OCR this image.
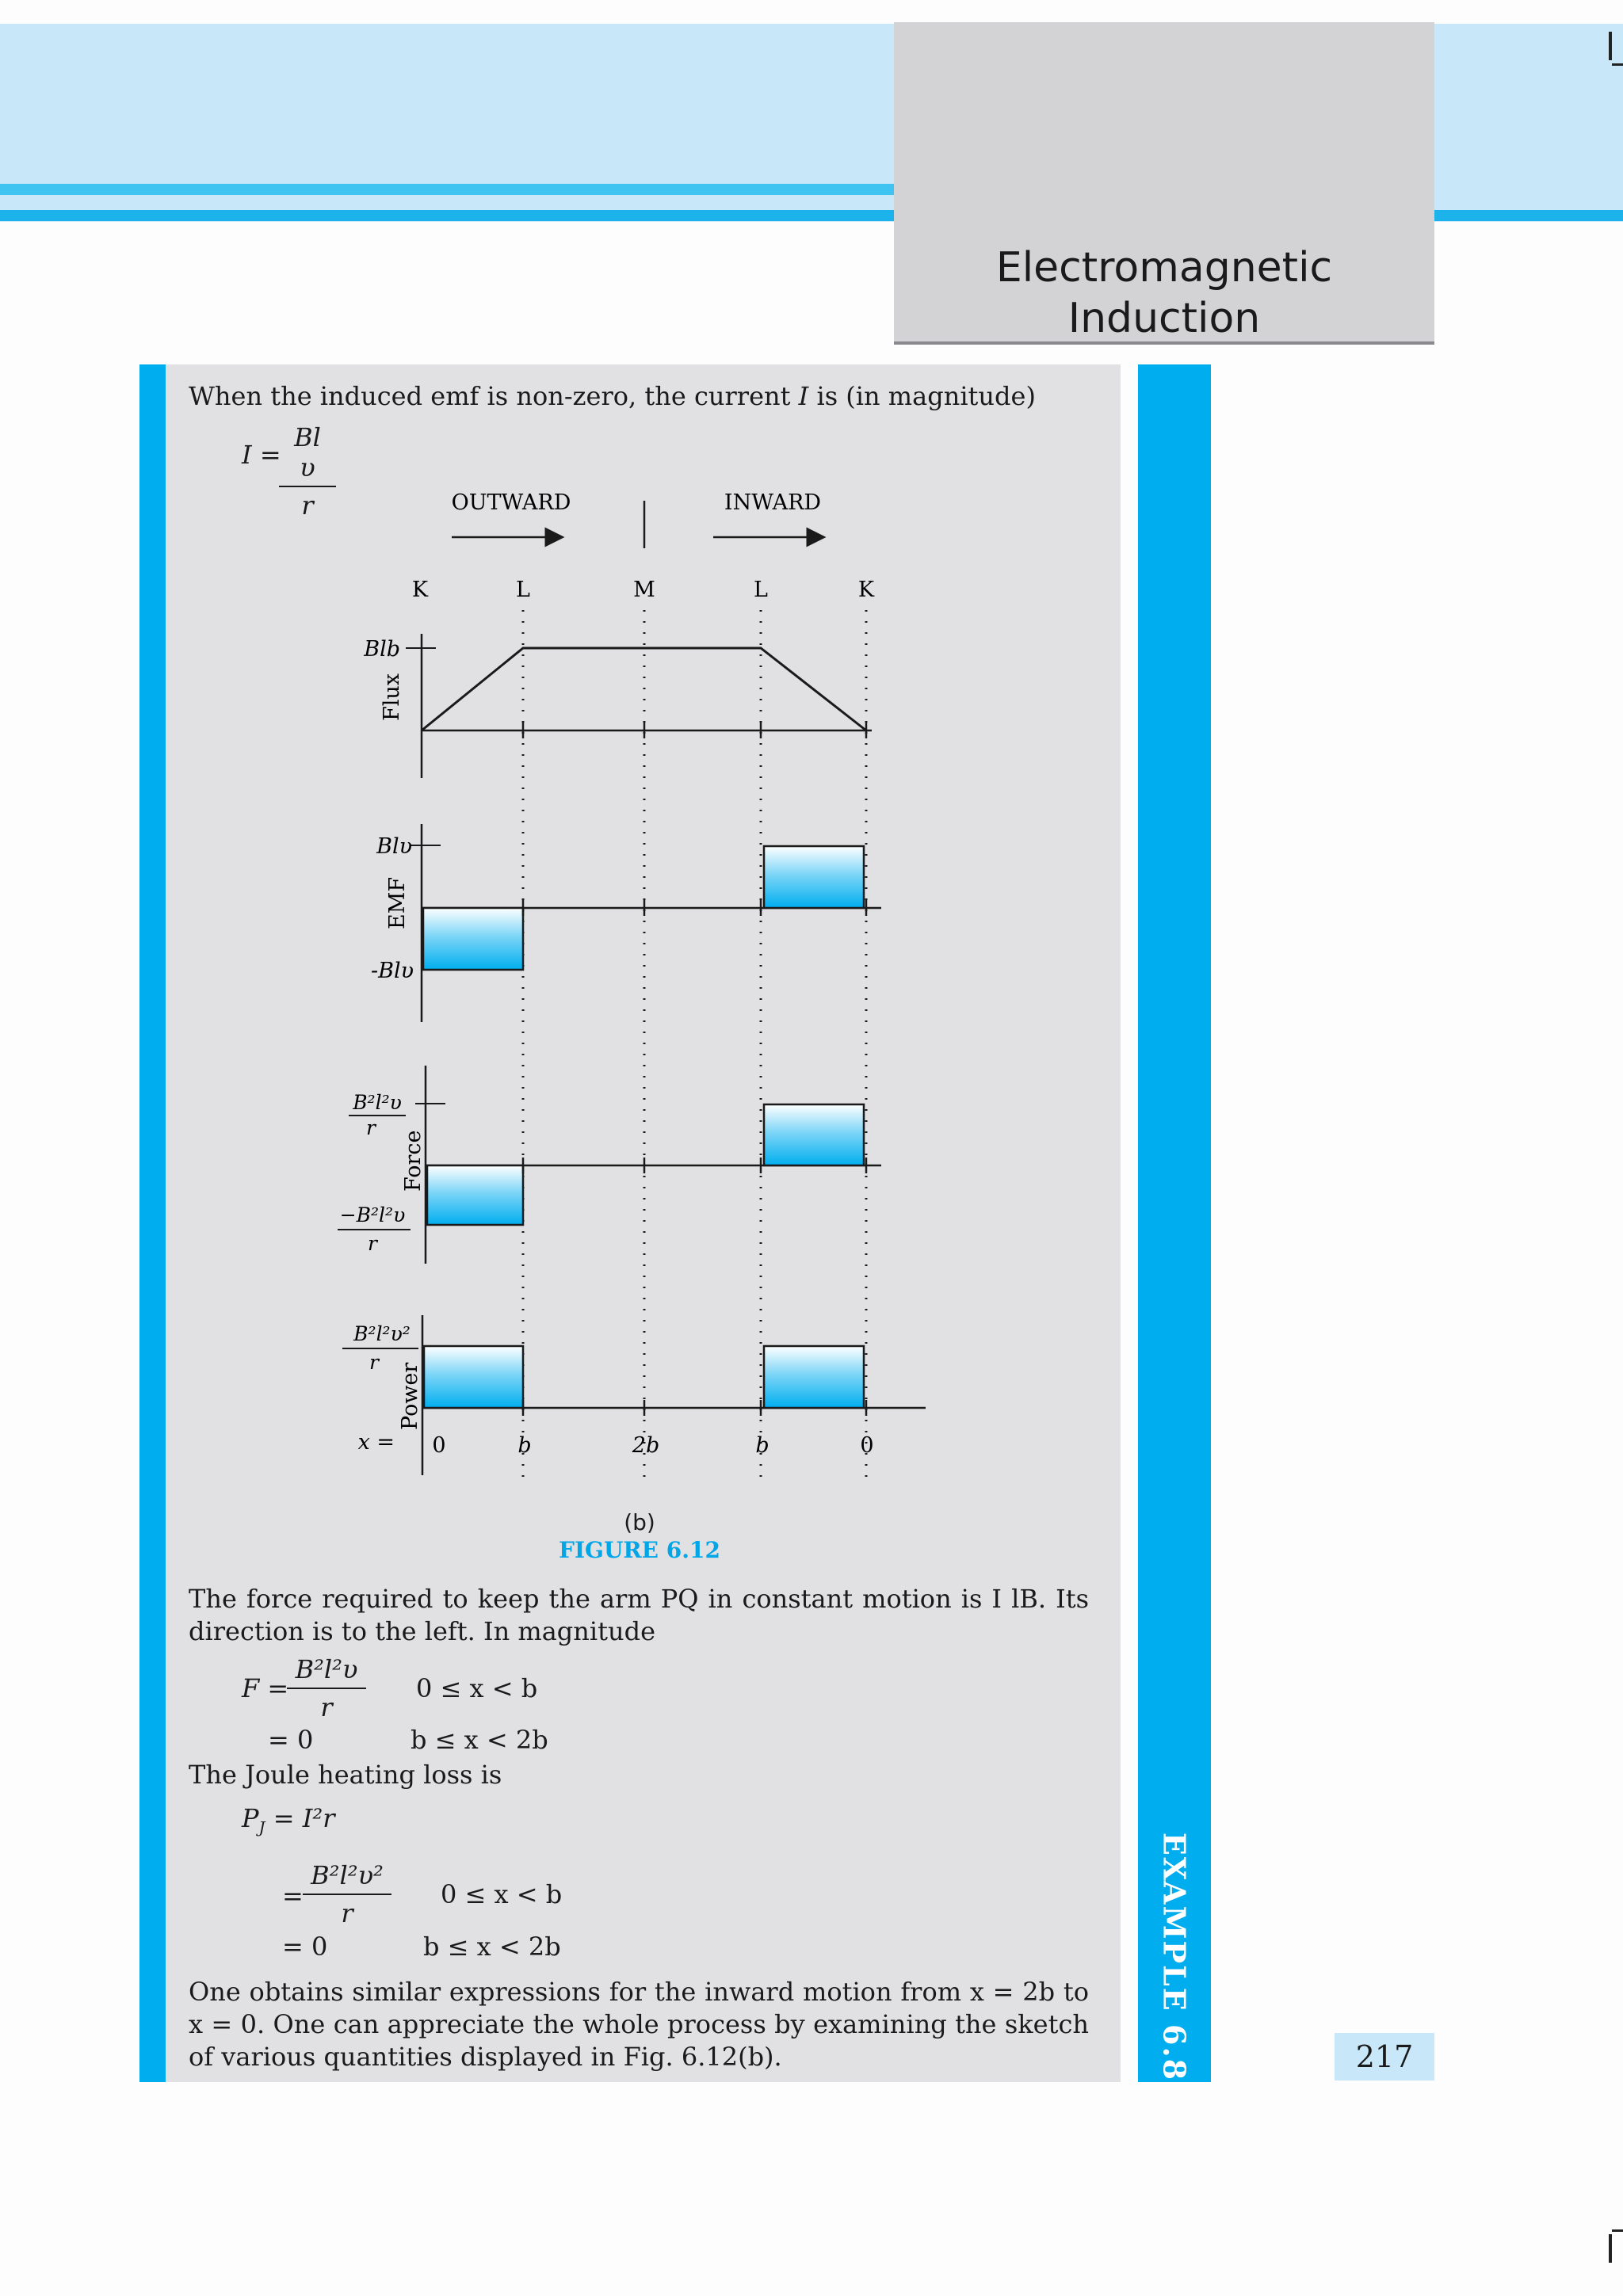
Electromagnetic
Induction
EXAMPLE 6.8	217
When the induced emf is non-zero, the current I is (in magnitude)
I =
$\frac{\text{Bl υ}}{r}$	OUTWARD	INWARD
K	L	M	L	K
Blb
Flux
Blυ
-Blυ
EMF
B²l²υ
r
−B²l²υ
r
Force
B²l²υ²
r
Power
x = 0	b	2b	b	0
(b)
FIGURE 6.12
The force required to keep the arm PQ in constant motion is I lB. Its direction is to the left. In magnitude
F =
$\frac{\text{B²l²υ}}{r} 0 \le x < b$
= 0	b ≤ x < 2b
The Joule heating loss is
$P_J = I^2r$
= $\frac{\text{B²l²υ²}}{r} 0 \le x < b$
= 0	b ≤ x < 2b
One obtains similar expressions for the inward motion from x = 2b to x = 0. One can appreciate the whole process by examining the sketch of various quantities displayed in Fig. 6.12(b).
